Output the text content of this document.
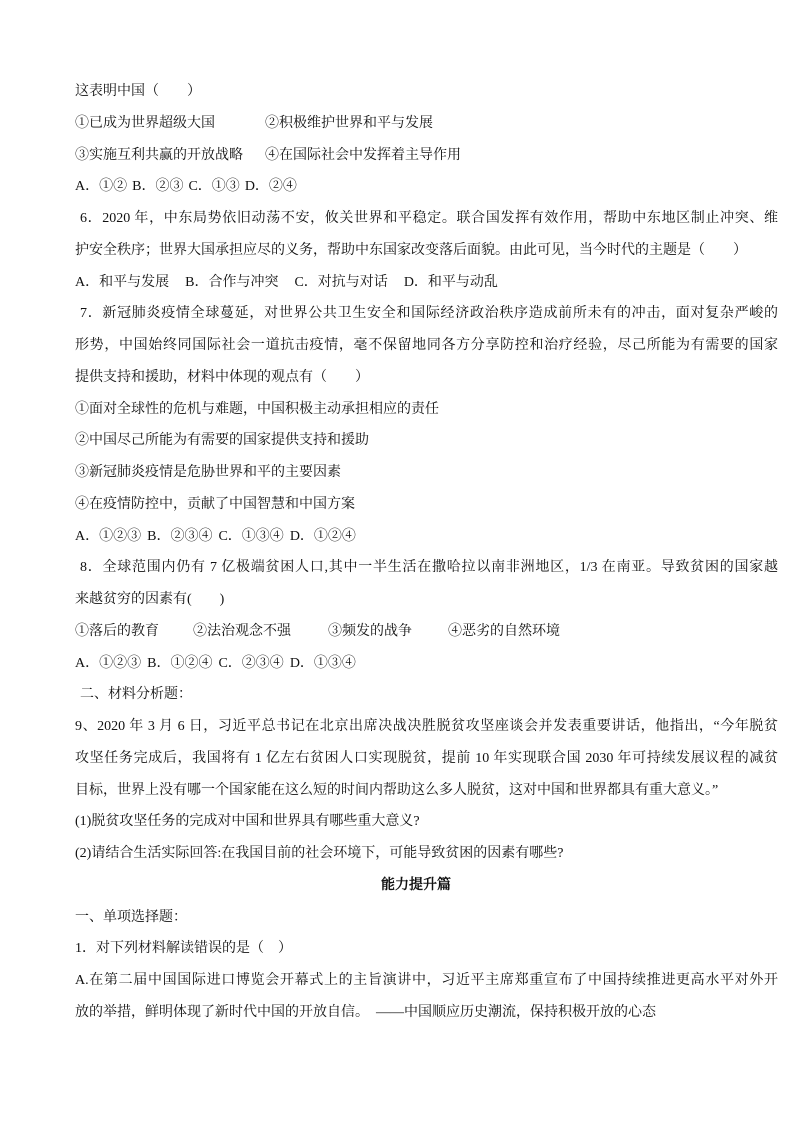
这表明中国（　　）
①已成为世界超级大国	②积极维护世界和平与发展
③实施互利共赢的开放战略	④在国际社会中发挥着主导作用
A．①② B．②③ C．①③ D．②④
6．2020 年，中东局势依旧动荡不安，攸关世界和平稳定。联合国发挥有效作用，帮助中东地区制止冲突、维
护安全秩序；世界大国承担应尽的义务，帮助中东国家改变落后面貌。由此可见，当今时代的主题是（　　）
A．和平与发展 B．合作与冲突 C．对抗与对话 D．和平与动乱
7．新冠肺炎疫情全球蔓延，对世界公共卫生安全和国际经济政治秩序造成前所未有的冲击，面对复杂严峻的
形势，中国始终同国际社会一道抗击疫情，毫不保留地同各方分享防控和治疗经验，尽己所能为有需要的国家
提供支持和援助，材料中体现的观点有（　　）
①面对全球性的危机与难题，中国积极主动承担相应的责任
②中国尽己所能为有需要的国家提供支持和援助
③新冠肺炎疫情是危胁世界和平的主要因素
④在疫情防控中，贡献了中国智慧和中国方案
A．①②③ B．②③④ C．①③④ D．①②④
8．全球范围内仍有 7 亿极端贫困人口,其中一半生活在撒哈拉以南非洲地区，1/3 在南亚。导致贫困的国家越
来越贫穷的因素有(　　)
①落后的教育	②法治观念不强	③频发的战争	④恶劣的自然环境
A．①②③ B．①②④ C．②③④ D．①③④
二、材料分析题：
9、2020 年 3 月 6 日，习近平总书记在北京出席决战决胜脱贫攻坚座谈会并发表重要讲话，他指出，“今年脱贫
攻坚任务完成后，我国将有 1 亿左右贫困人口实现脱贫，提前 10 年实现联合国 2030 年可持续发展议程的减贫
目标，世界上没有哪一个国家能在这么短的时间内帮助这么多人脱贫，这对中国和世界都具有重大意义。”
(1)脱贫攻坚任务的完成对中国和世界具有哪些重大意义?
(2)请结合生活实际回答:在我国目前的社会环境下，可能导致贫困的因素有哪些?
能力提升篇
一、单项选择题：
1．对下列材料解读错误的是（　）
A.在第二届中国国际进口博览会开幕式上的主旨演讲中，习近平主席郑重宣布了中国持续推进更高水平对外开
放的举措，鲜明体现了新时代中国的开放自信。　——中国顺应历史潮流，保持积极开放的心态
